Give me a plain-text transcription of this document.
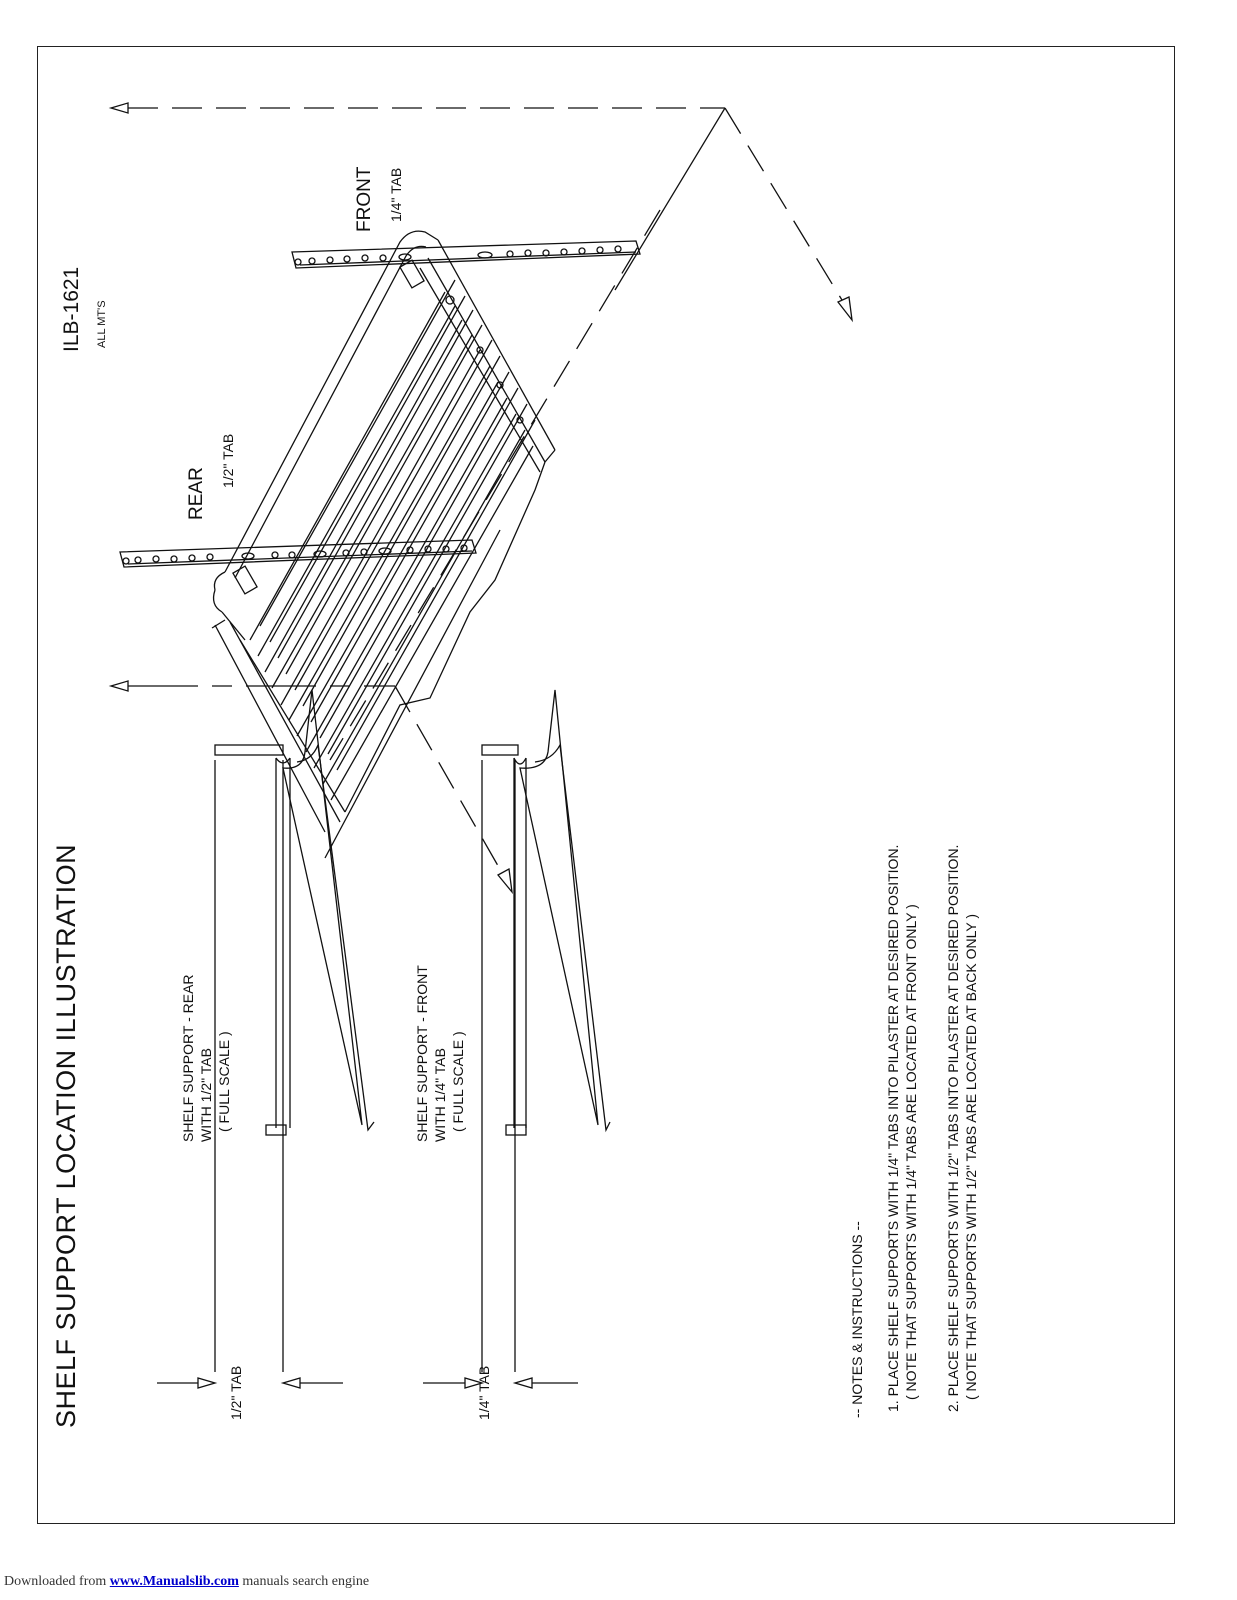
SHELF SUPPORT LOCATION ILLUSTRATION
ILB-1621 ALL MT'S
REAR
1/2" TAB
FRONT 1/4" TAB
SHELF SUPPORT - REAR WITH 1/2" TAB ( FULL SCALE )
1/2" TAB
SHELF SUPPORT - FRONT WITH 1/4" TAB ( FULL SCALE )
1/4" TAB	-- NOTES & INSTRUCTIONS -- 1. PLACE SHELF SUPPORTS WITH 1/4" TABS INTO PILASTER AT DESIRED POSITION. ( NOTE THAT SUPPORTS WITH 1/4" TABS ARE LOCATED AT FRONT ONLY ) 2. PLACE SHELF SUPPORTS WITH 1/2" TABS INTO PILASTER AT DESIRED POSITION. ( NOTE THAT SUPPORTS WITH 1/2" TABS ARE LOCATED AT BACK ONLY )
Downloaded from www.Manualslib.com manuals search engine
